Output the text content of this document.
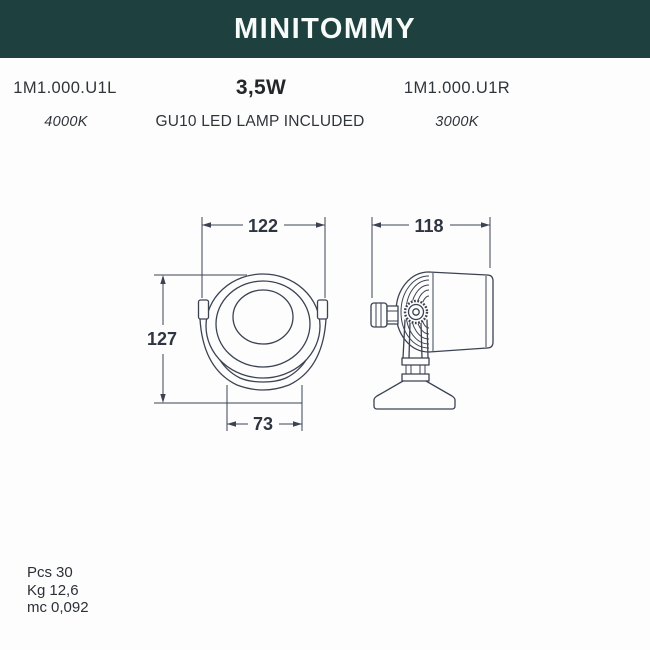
MINITOMMY
1M1.000.U1L
4000K
3,5W
GU10 LED LAMP INCLUDED
1M1.000.U1R
3000K
122
127
73
118
Pcs 30
Kg 12,6
mc 0,092
